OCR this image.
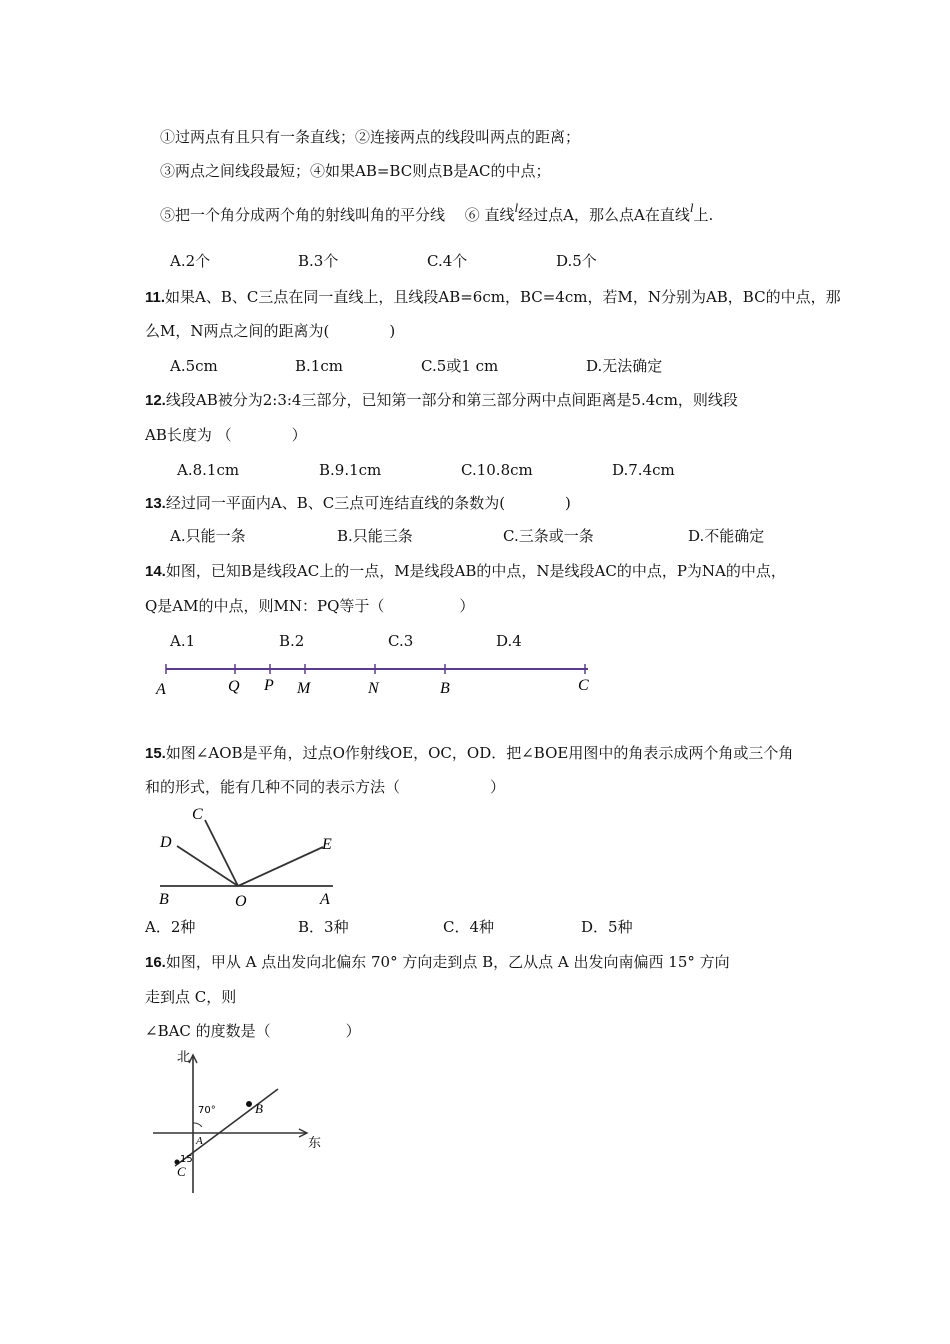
①过两点有且只有一条直线；②连接两点的线段叫两点的距离；
③两点之间线段最短；④如果AB=BC则点B是AC的中点；
⑤把一个角分成两个角的射线叫角的平分线　 ⑥ 直线l经过点A，那么点A在直线l上.
A.2个	B.3个	C.4个	D.5个
11.如果A、B、C三点在同一直线上，且线段AB=6cm，BC=4cm，若M，N分别为AB，BC的中点，那
么M，N两点之间的距离为(　　　　)
A.5cm	B.1cm	C.5或1 cm	D.无法确定
12.线段AB被分为2:3:4三部分，已知第一部分和第三部分两中点间距离是5.4cm，则线段
AB长度为 （　　　　）
A.8.1cm	B.9.1cm	C.10.8cm	D.7.4cm
13.经过同一平面内A、B、C三点可连结直线的条数为(　　　　)
A.只能一条	B.只能三条	C.三条或一条	D.不能确定
14.如图，已知B是线段AC上的一点，M是线段AB的中点，N是线段AC的中点，P为NA的中点，
Q是AM的中点，则MN：PQ等于（　　　　　）
A.1	B.2	C.3	D.4
A	Q P M	N	B	C
15.如图∠AOB是平角，过点O作射线OE，OC，OD．把∠BOE用图中的角表示成两个角或三个角
和的形式，能有几种不同的表示方法（　　　　　　）
C
D	E
B	O	A
A．2种	B．3种	C．4种	D．5种
16.如图，甲从 A 点出发向北偏东 70° 方向走到点 B，乙从点 A 出发向南偏西 15° 方向
走到点 C，则
∠BAC 的度数是（　　　　　）
北
东
70°
15
A
B
C
